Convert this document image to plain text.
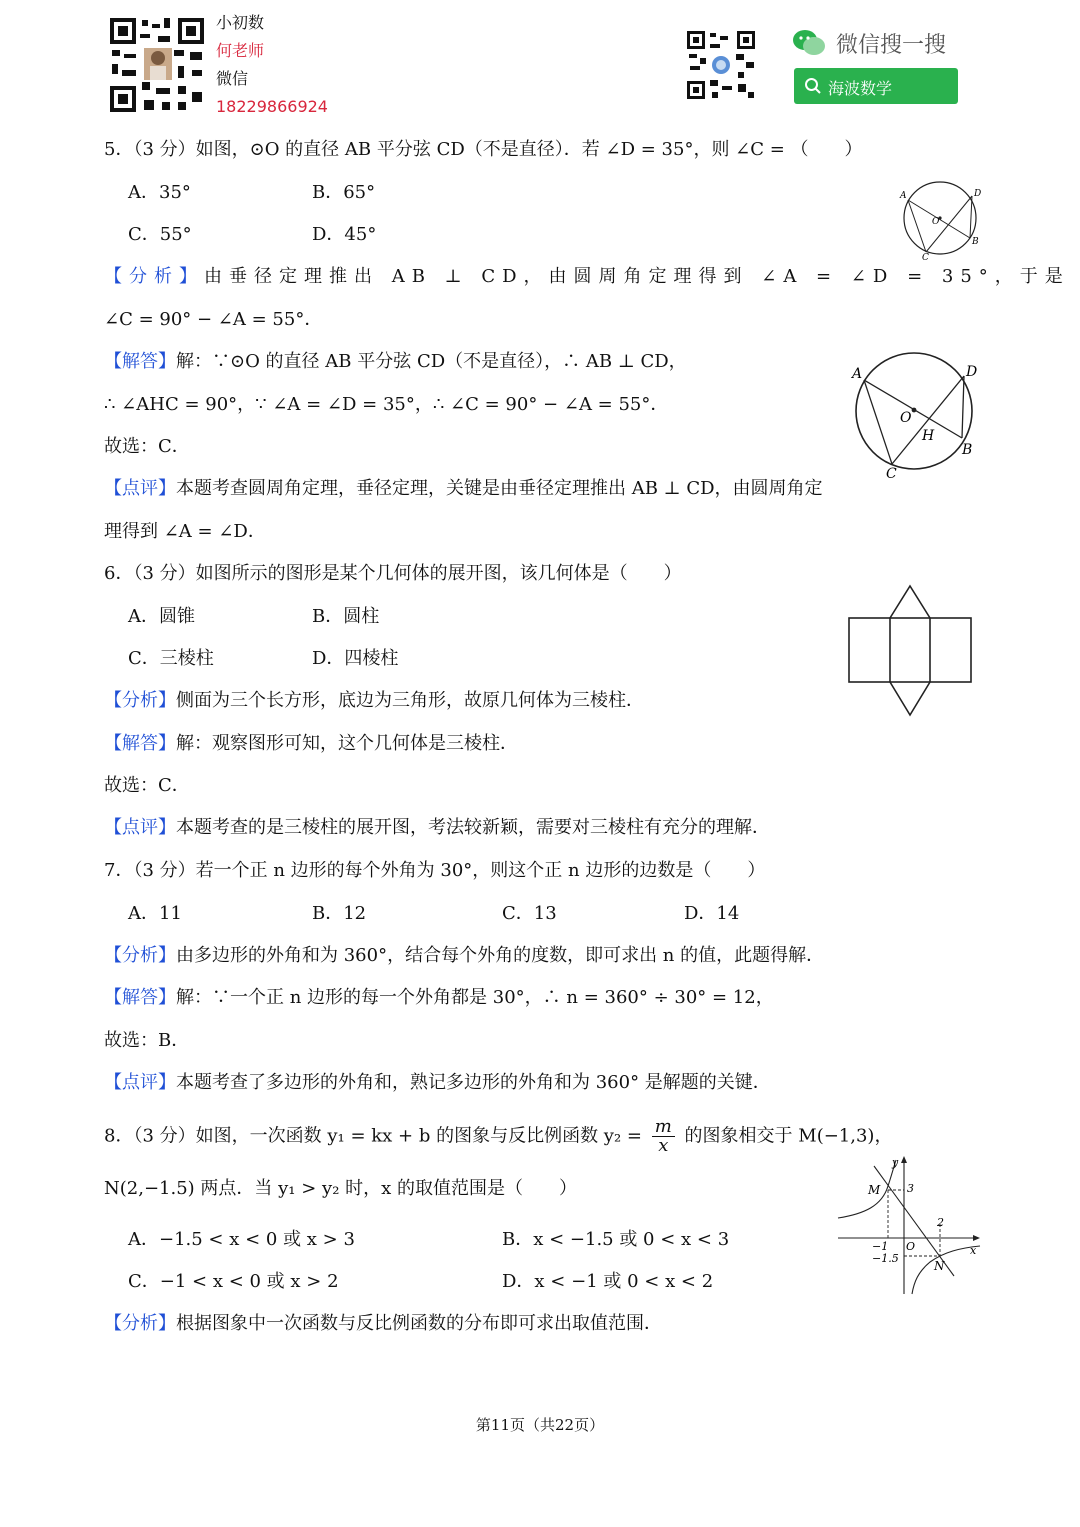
小初数
何老师
微信
18229866924
微信搜一搜
海波数学
5．（3 分）如图，⊙O 的直径 AB 平分弦 CD（不是直径）．若 ∠D = 35°，则 ∠C = （　　）
A．35°	B．65°
C．55°	D．45°
A	D
O
B
C
【分析】由垂径定理推出 AB ⊥ CD，由圆周角定理得到 ∠A = ∠D = 35°，于是
∠C = 90° − ∠A = 55°．
【解答】解：∵⊙O 的直径 AB 平分弦 CD（不是直径），∴ AB ⊥ CD，
∴ ∠AHC = 90°，∵ ∠A = ∠D = 35°，∴ ∠C = 90° − ∠A = 55°．
故选：C．
A	D
O
H
B
C
【点评】本题考查圆周角定理，垂径定理，关键是由垂径定理推出 AB ⊥ CD，由圆周角定
理得到 ∠A = ∠D．
6．（3 分）如图所示的图形是某个几何体的展开图，该几何体是（　　）
A．圆锥	B．圆柱
C．三棱柱	D．四棱柱
【分析】侧面为三个长方形，底边为三角形，故原几何体为三棱柱．
【解答】解：观察图形可知，这个几何体是三棱柱．
故选：C．
【点评】本题考查的是三棱柱的展开图，考法较新颖，需要对三棱柱有充分的理解．
7．（3 分）若一个正 n 边形的每个外角为 30°，则这个正 n 边形的边数是（　　）
A．11	B．12	C．13	D．14
【分析】由多边形的外角和为 360°，结合每个外角的度数，即可求出 n 的值，此题得解．
【解答】解：∵一个正 n 边形的每一个外角都是 30°，∴ n = 360° ÷ 30° = 12，
故选：B．
【点评】本题考查了多边形的外角和，熟记多边形的外角和为 360° 是解题的关键．
8．（3 分）如图，一次函数 y₁ = kx + b 的图象与反比例函数 $y_2 = \frac{m}{x}$ 的图象相交于 M(−1,3)，
N(2,−1.5) 两点．当 y₁ > y₂ 时，x 的取值范围是（　　）
A．−1.5 < x < 0 或 x > 3	B．x < −1.5 或 0 < x < 3
C．−1 < x < 0 或 x > 2	D．x < −1 或 0 < x < 2
y
x
M 3
2
−1 O
−1.5
N
【分析】根据图象中一次函数与反比例函数的分布即可求出取值范围．
第11页（共22页）
